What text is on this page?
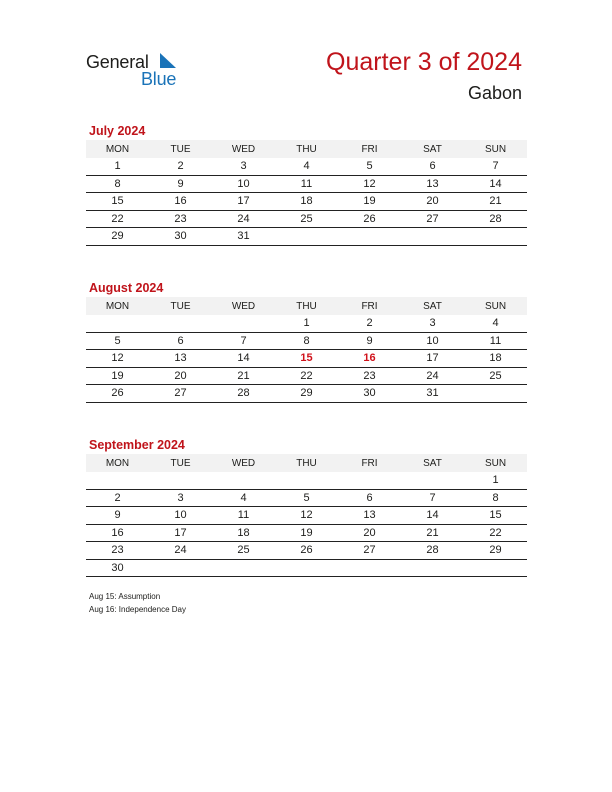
General
Blue
Quarter 3 of 2024
Gabon
July 2024
MON	TUE	WED	THU	FRI	SAT	SUN
1	2	3	4	5	6	7
8	9	10	11	12	13	14
15	16	17	18	19	20	21
22	23	24	25	26	27	28
29	30	31				
August 2024
MON	TUE	WED	THU	FRI	SAT	SUN
			1	2	3	4
5	6	7	8	9	10	11
12	13	14	15	16	17	18
19	20	21	22	23	24	25
26	27	28	29	30	31	
September 2024
MON	TUE	WED	THU	FRI	SAT	SUN
						1
2	3	4	5	6	7	8
9	10	11	12	13	14	15
16	17	18	19	20	21	22
23	24	25	26	27	28	29
30						
Aug 15: Assumption
Aug 16: Independence Day
